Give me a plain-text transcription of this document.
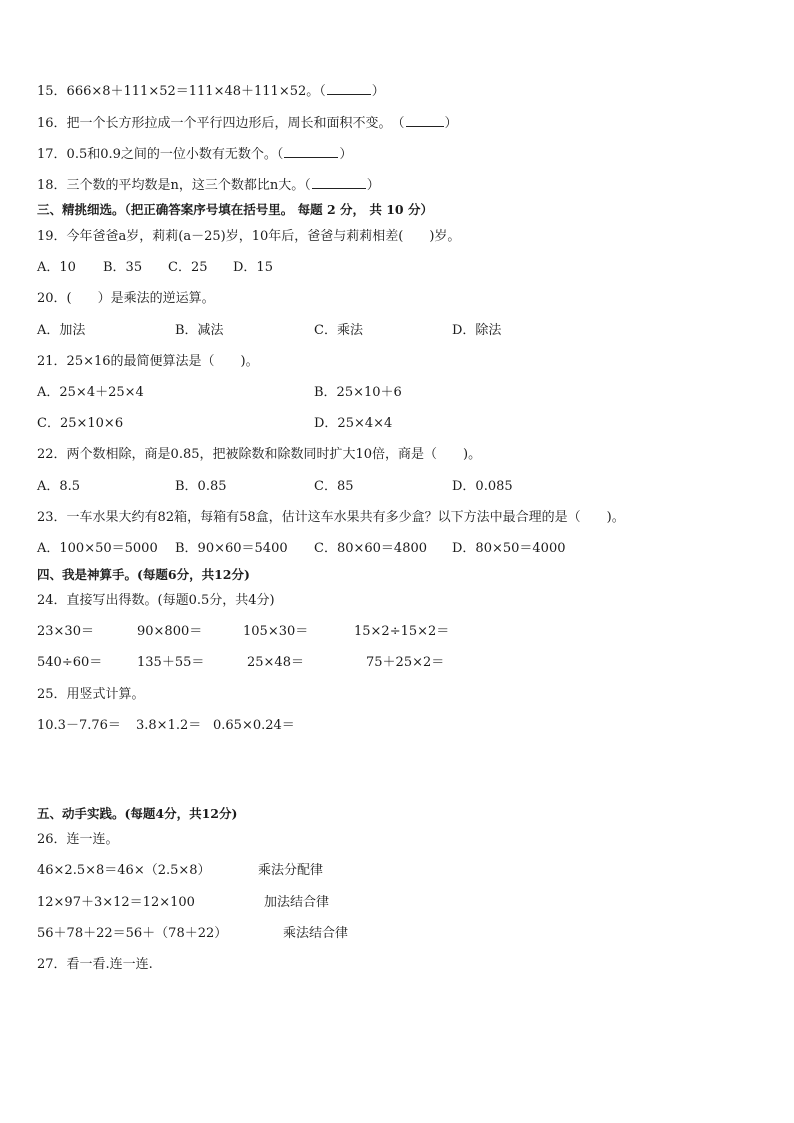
15．666×8＋111×52＝111×48＋111×52。（	）
16．把一个长方形拉成一个平行四边形后，周长和面积不变。　（	）
17．0.5和0.9之间的一位小数有无数个。（	）
18．三个数的平均数是n，这三个数都比n大。（	）
三、精挑细选。（把正确答案序号填在括号里。 每题 2 分， 共 10 分）
19．今年爸爸a岁，莉莉(a－25)岁，10年后，爸爸与莉莉相差(　　)岁。
A．10 B．35 C．25 D．15
20．(　　）是乘法的逆运算。
A．加法	B．减法	C．乘法	D．除法
21．25×16的最简便算法是（　　)。
A．25×4＋25×4	B．25×10＋6
C．25×10×6	D．25×4×4
22．两个数相除，商是0.85，把被除数和除数同时扩大10倍，商是（　　)。
A．8.5	B．0.85	C．85	D．0.085
23．一车水果大约有82箱，每箱有58盒，估计这车水果共有多少盒？以下方法中最合理的是（　　)。
A．100×50＝5000 B．90×60＝5400 C．80×60＝4800 D．80×50＝4000
四、我是神算手。(每题6分，共12分)
24．直接写出得数。(每题0.5分，共4分)
23×30＝	90×800＝	105×30＝	15×2÷15×2＝
540÷60＝	135＋55＝	25×48＝	75＋25×2＝
25．用竖式计算。
10.3－7.76＝ 3.8×1.2＝ 0.65×0.24＝
五、动手实践。(每题4分，共12分)
26．连一连。
46×2.5×8＝46×（2.5×8）	乘法分配律
12×97＋3×12＝12×100	加法结合律
56＋78＋22＝56＋（78＋22）	乘法结合律
27．看一看.连一连.
